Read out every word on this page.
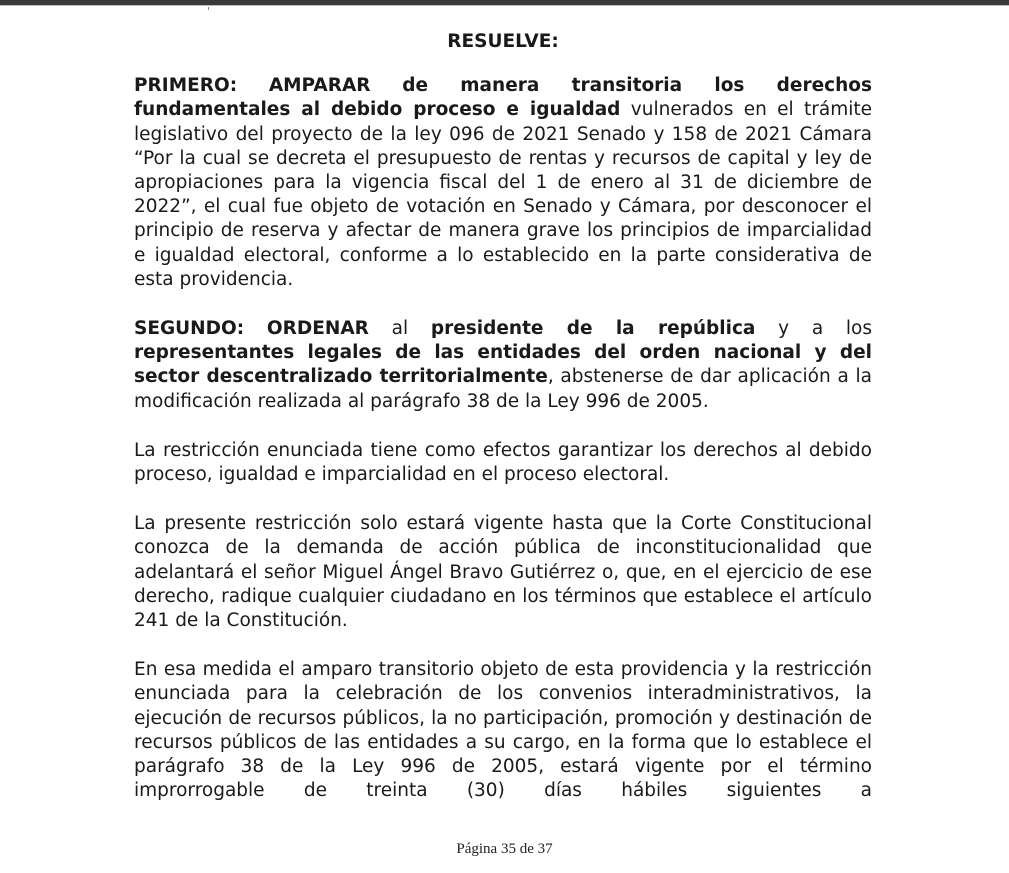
RESUELVE:

PRIMERO: AMPARAR de manera transitoria los derechos fundamentales al debido proceso e igualdad vulnerados en el trámite legislativo del proyecto de la ley 096 de 2021 Senado y 158 de 2021 Cámara “Por la cual se decreta el presupuesto de rentas y recursos de capital y ley de apropiaciones para la vigencia fiscal del 1 de enero al 31 de diciembre de 2022”, el cual fue objeto de votación en Senado y Cámara, por desconocer el principio de reserva y afectar de manera grave los principios de imparcialidad e igualdad electoral, conforme a lo establecido en la parte considerativa de esta providencia.

SEGUNDO: ORDENAR al presidente de la república y a los representantes legales de las entidades del orden nacional y del sector descentralizado territorialmente, abstenerse de dar aplicación a la modificación realizada al parágrafo 38 de la Ley 996 de 2005.

La restricción enunciada tiene como efectos garantizar los derechos al debido proceso, igualdad e imparcialidad en el proceso electoral.

La presente restricción solo estará vigente hasta que la Corte Constitucional conozca de la demanda de acción pública de inconstitucionalidad que adelantará el señor Miguel Ángel Bravo Gutiérrez o, que, en el ejercicio de ese derecho, radique cualquier ciudadano en los términos que establece el artículo 241 de la Constitución.

En esa medida el amparo transitorio objeto de esta providencia y la restricción enunciada para la celebración de los convenios interadministrativos, la ejecución de recursos públicos, la no participación, promoción y destinación de recursos públicos de las entidades a su cargo, en la forma que lo establece el parágrafo 38 de la Ley 996 de 2005, estará vigente por el término improrrogable de treinta (30) días hábiles siguientes a

Página 35 de 37
